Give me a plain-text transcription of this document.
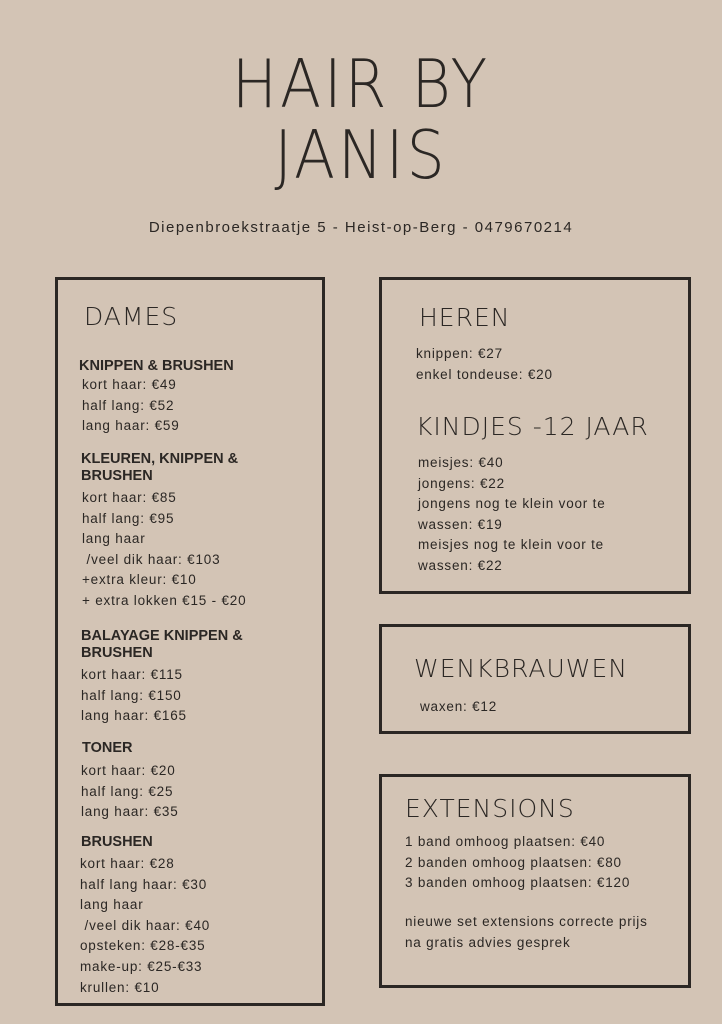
HAIR BY
JANIS
Diepenbroekstraatje 5 - Heist-op-Berg - 0479670214
DAMES
KNIPPEN & BRUSHEN
kort haar: €49
half lang: €52
lang haar: €59
KLEUREN, KNIPPEN & BRUSHEN
kort haar: €85
half lang: €95
lang haar
/veel dik haar: €103
+extra kleur: €10
+ extra lokken €15 - €20
BALAYAGE KNIPPEN & BRUSHEN
kort haar: €115
half lang: €150
lang haar: €165
TONER
kort haar: €20
half lang: €25
lang haar: €35
BRUSHEN
kort haar: €28
half lang haar: €30
lang haar
/veel dik haar: €40
opsteken: €28-€35
make-up: €25-€33
krullen: €10
HEREN
knippen: €27
enkel tondeuse: €20
KINDJES -12 JAAR
meisjes: €40
jongens: €22
jongens nog te klein voor te
wassen: €19
meisjes nog te klein voor te
wassen: €22
WENKBRAUWEN
waxen: €12
EXTENSIONS
1 band omhoog plaatsen: €40
2 banden omhoog plaatsen: €80
3 banden omhoog plaatsen: €120
nieuwe set extensions correcte prijs
na gratis advies gesprek
